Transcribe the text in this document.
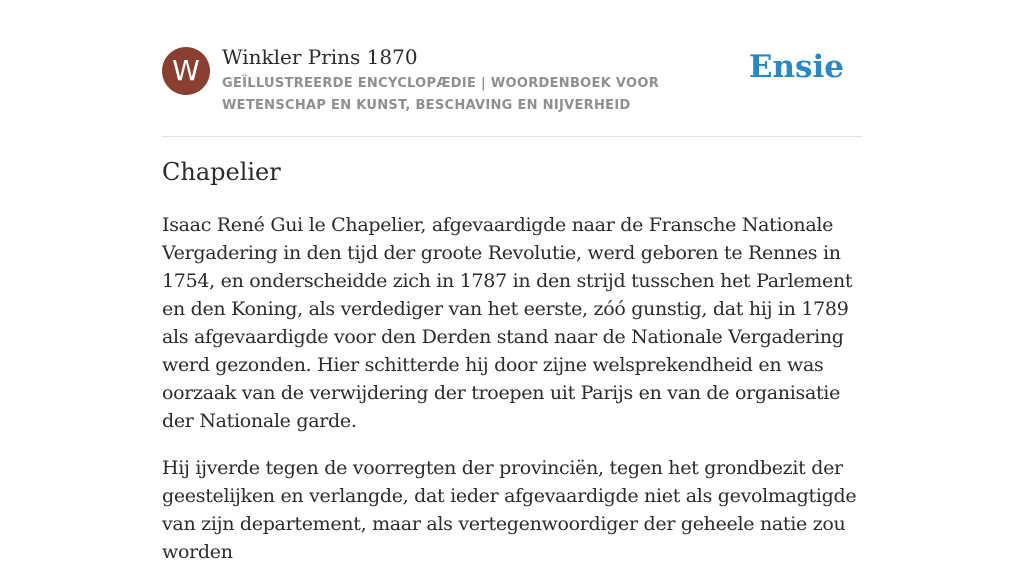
W	Winkler Prins 1870
GEÏLLUSTREERDE ENCYCLOPÆDIE | WOORDENBOEK VOOR WETENSCHAP EN KUNST, BESCHAVING EN NIJVERHEID
Ensie
Chapelier

Isaac René Gui le Chapelier, afgevaardigde naar de Fransche Nationale Vergadering in den tijd der groote Revolutie, werd geboren te Rennes in 1754, en onderscheidde zich in 1787 in den strijd tusschen het Parlement en den Koning, als verdediger van het eerste, zóó gunstig, dat hij in 1789 als afgevaardigde voor den Derden stand naar de Nationale Vergadering werd gezonden. Hier schitterde hij door zijne welsprekendheid en was oorzaak van de verwijdering der troepen uit Parijs en van de organisatie der Nationale garde.

Hij ijverde tegen de voorregten der provinciën, tegen het grondbezit der geestelijken en verlangde, dat ieder afgevaardigde niet als gevolmagtigde van zijn departement, maar als vertegenwoordiger der geheele natie zou worden
